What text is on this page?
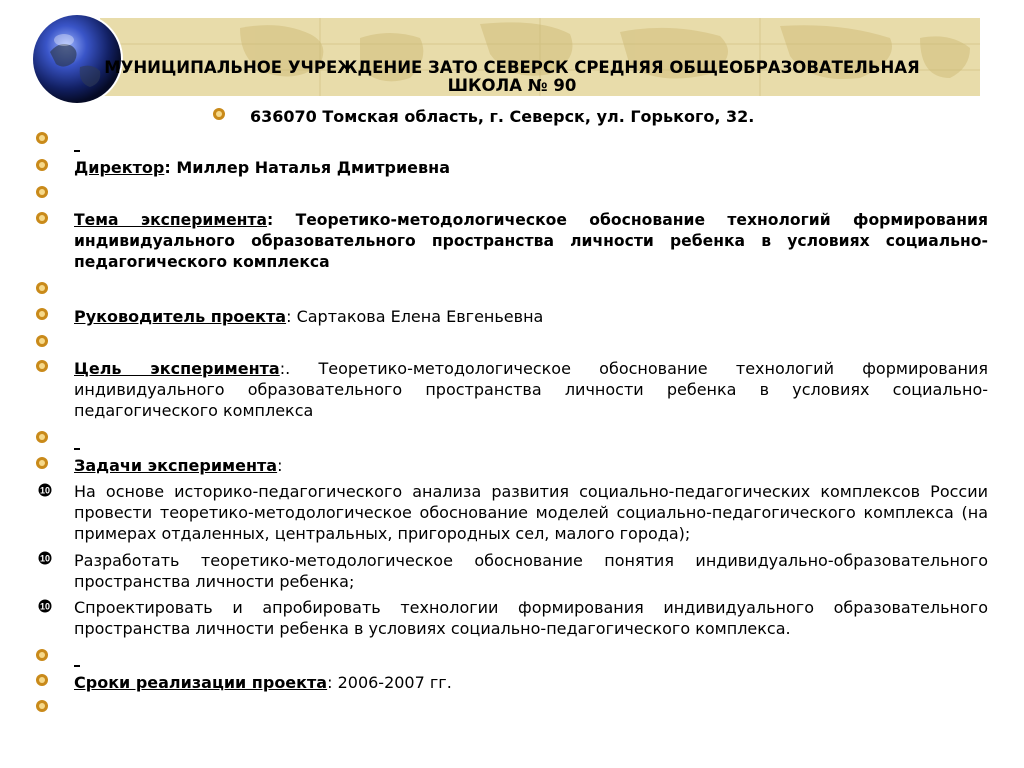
МУНИЦИПАЛЬНОЕ УЧРЕЖДЕНИЕ ЗАТО СЕВЕРСК СРЕДНЯЯ ОБЩЕОБРАЗОВАТЕЛЬНАЯ
ШКОЛА № 90
636070 Томская область, г. Северск, ул. Горького, 32.
Директор: Миллер Наталья Дмитриевна
Тема эксперимента: Теоретико-методологическое обоснование технологий формирования индивидуального образовательного пространства личности ребенка в условиях социально-педагогического комплекса
Руководитель проекта: Сартакова Елена Евгеньевна
Цель эксперимента:. Теоретико-методологическое обоснование технологий формирования индивидуального образовательного пространства личности ребенка в условиях социально-педагогического комплекса
Задачи эксперимента:
10 На основе историко-педагогического анализа развития социально-педагогических комплексов России провести теоретико-методологическое обоснование моделей социально-педагогического комплекса (на примерах отдаленных, центральных, пригородных сел, малого города);
10 Разработать теоретико-методологическое обоснование понятия индивидуально-образовательного пространства личности ребенка;
10 Спроектировать и апробировать технологии формирования индивидуального образовательного пространства личности ребенка в условиях социально-педагогического комплекса.
Сроки реализации проекта: 2006-2007 гг.
